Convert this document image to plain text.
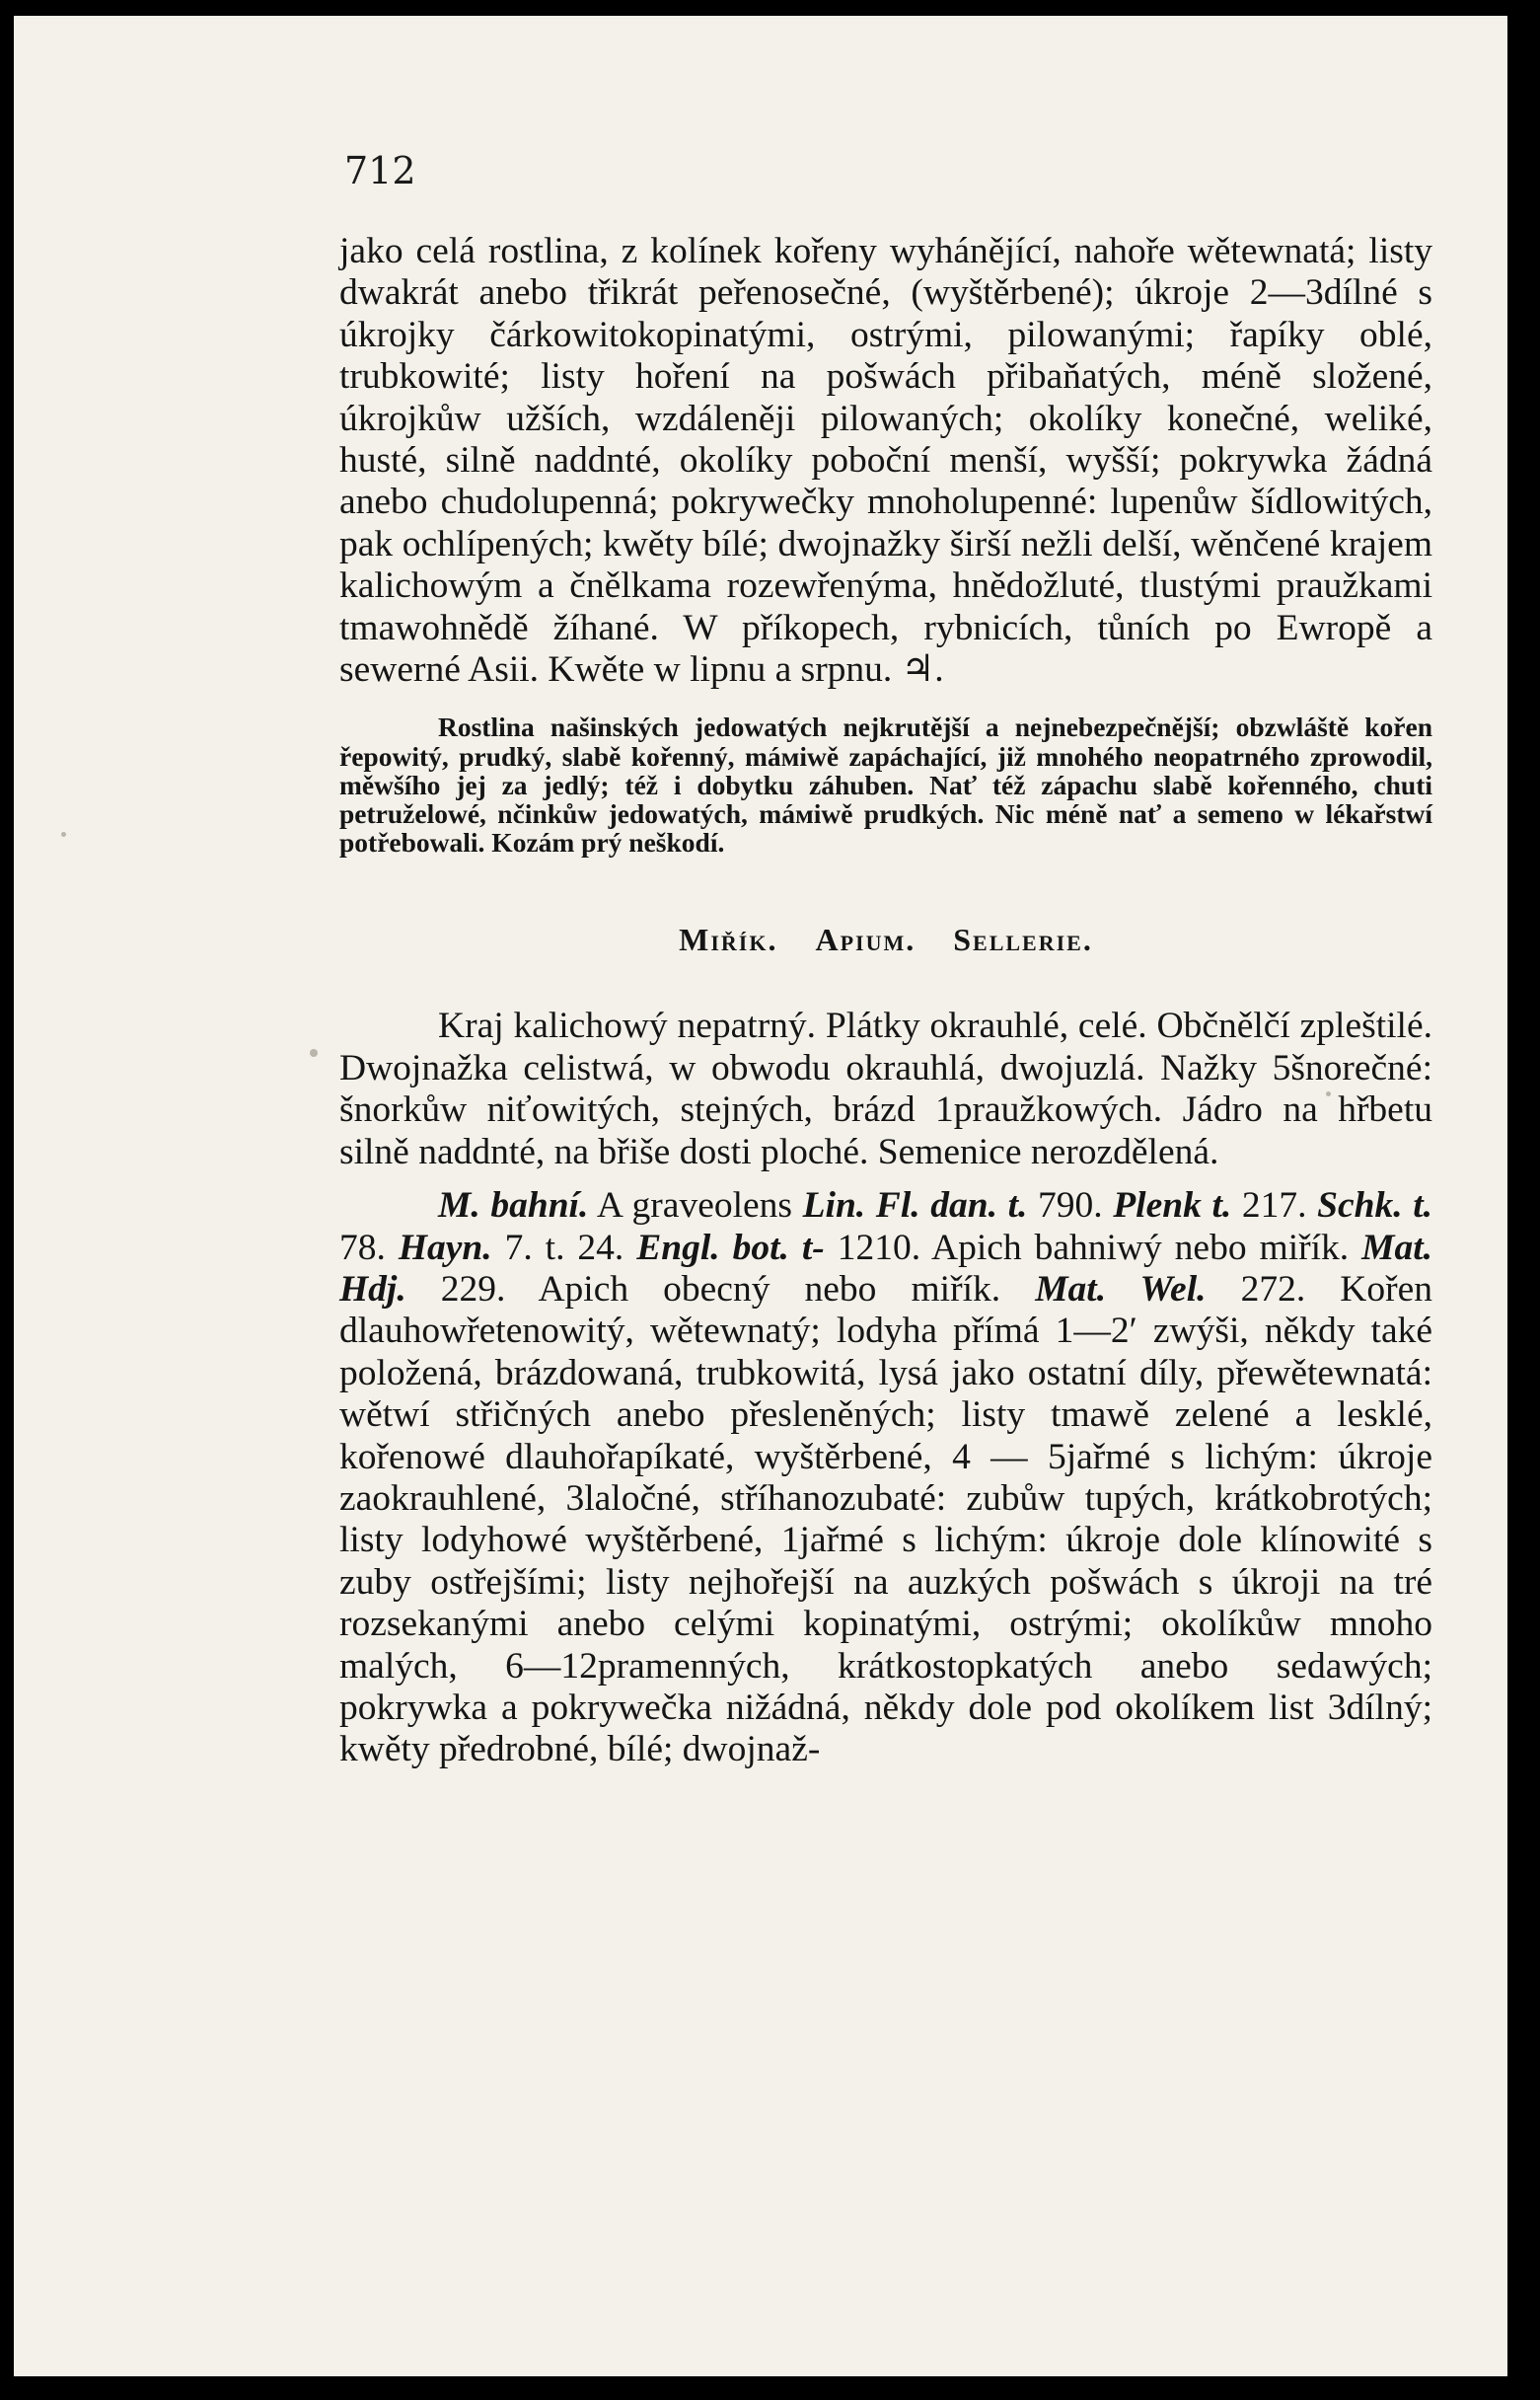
712

jako celá rostlina, z kolínek kořeny wyhánějící, nahoře wětewnatá; listy dwakrát anebo třikrát peřenosečné, (wyštěrbené); úkroje 2—3dílné s úkrojky čárkowitokopinatými, ostrými, pilowanými; řapíky oblé, trubkowité; listy hoření na pošwách přibaňatých, méně složené, úkrojkůw užších, wzdáleněji pilowaných; okolíky konečné, weliké, husté, silně naddnté, okolíky poboční menší, wyšší; pokrywka žádná anebo chudolupenná; pokrywečky mnoholupenné: lupenůw šídlowitých, pak ochlípených; kwěty bílé; dwojnažky širší nežli delší, wěnčené krajem kalichowým a čnělkama rozewřenýma, hnědožluté, tlustými praužkami tmawohnědě žíhané. W příkopech, rybnicích, tůních po Ewropě a sewerné Asii. Kwěte w lipnu a srpnu. ♃.

Rostlina našinských jedowatých nejkrutější a nejnebezpečnější; obzwláště kořen řepowitý, prudký, slabě kořenný, máміwě zapáchající, již mnohého neopatrného zprowodil, měwšího jej za jedlý; též i dobytku záhuben. Nať též zápachu slabě kořenného, chuti petruželowé, nčinkůw jedowatých, máміwě prudkých. Nic méně nať a semeno w lékařstwí potřebowali. Kozám prý neškodí.

Miřík. Apium. Sellerie.

Kraj kalichowý nepatrný. Plátky okrauhlé, celé. Občnělčí zpleštilé. Dwojnažka celistwá, w obwodu okrauhlá, dwojuzlá. Nažky 5šnorečné: šnorkůw niťowitých, stejných, brázd 1praužkowých. Jádro na hřbetu silně naddnté, na břiše dosti ploché. Semenice nerozdělená.

M. bahní. A graveolens Lin. Fl. dan. t. 790. Plenk t. 217. Schk. t. 78. Hayn. 7. t. 24. Engl. bot. t- 1210. Apich bahniwý nebo miřík. Mat. Hdj. 229. Apich obecný nebo miřík. Mat. Wel. 272. Kořen dlauhowřetenowitý, wětewnatý; lodyha přímá 1—2′ zwýši, někdy také položená, brázdowaná, trubkowitá, lysá jako ostatní díly, přewětewnatá: wětwí střičných anebo přesleněných; listy tmawě zelené a lesklé, kořenowé dlauhořapíkaté, wyštěrbené, 4 — 5jařmé s lichým: úkroje zaokrauhlené, 3laločné, stříhanozubaté: zubůw tupých, krátkobrotých; listy lodyhowé wyštěrbené, 1jařmé s lichým: úkroje dole klínowité s zuby ostřejšími; listy nejhořejší na auzkých pošwách s úkroji na tré rozsekanými anebo celými kopinatými, ostrými; okolíkůw mnoho malých, 6—12pramenných, krátkostopkatých anebo sedawých; pokrywka a pokrywečka nižádná, někdy dole pod okolíkem list 3dílný; kwěty předrobné, bílé; dwojnaž-
